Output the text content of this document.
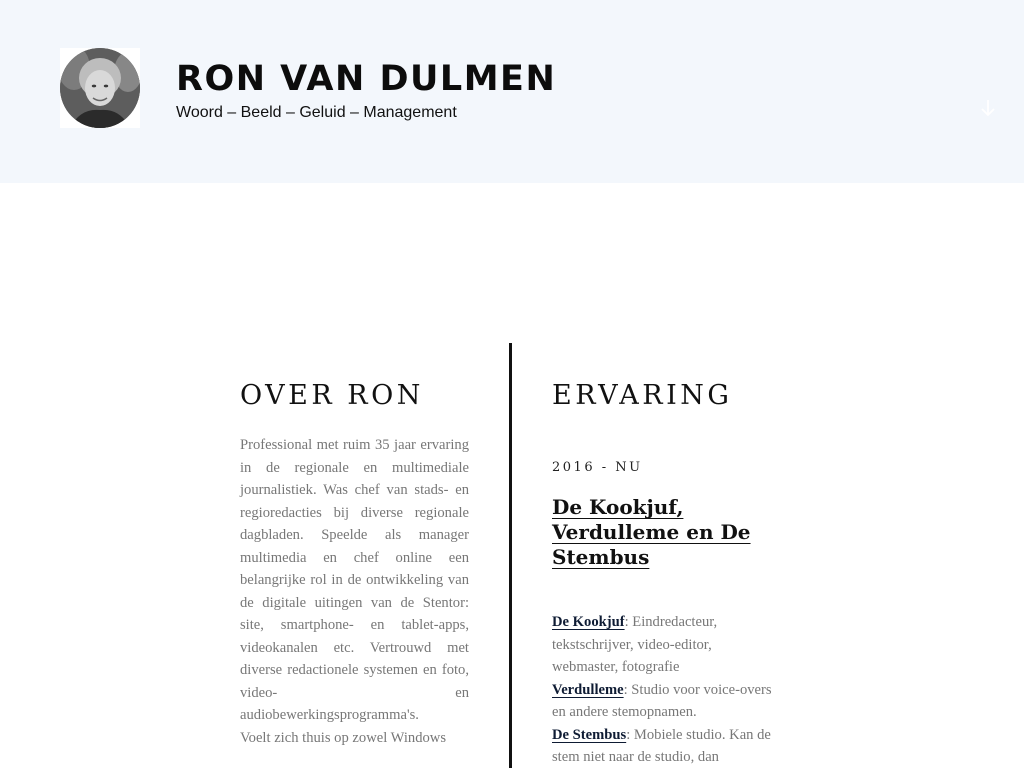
RON VAN DULMEN

Woord – Beeld – Geluid – Management

OVER RON

Professional met ruim 35 jaar ervaring in de regionale en multimediale journalistiek. Was chef van stads- en regioredacties bij diverse regionale dagbladen. Speelde als manager multimedia en chef online een belangrijke rol in de ontwikkeling van de digitale uitingen van de Stentor: site, smartphone- en tablet-apps, videokanalen etc. Vertrouwd met diverse redactionele systemen en foto, video- en audiobewerkingsprogramma's.

Voelt zich thuis op zowel Windows

ERVARING

2016 - NU

De Kookjuf, Verdulleme en De Stembus

De Kookjuf: Eindredacteur, tekstschrijver, video-editor, webmaster, fotografie

Verdulleme: Studio voor voice-overs en andere stemopnamen.

De Stembus: Mobiele studio. Kan de stem niet naar de studio, dan
